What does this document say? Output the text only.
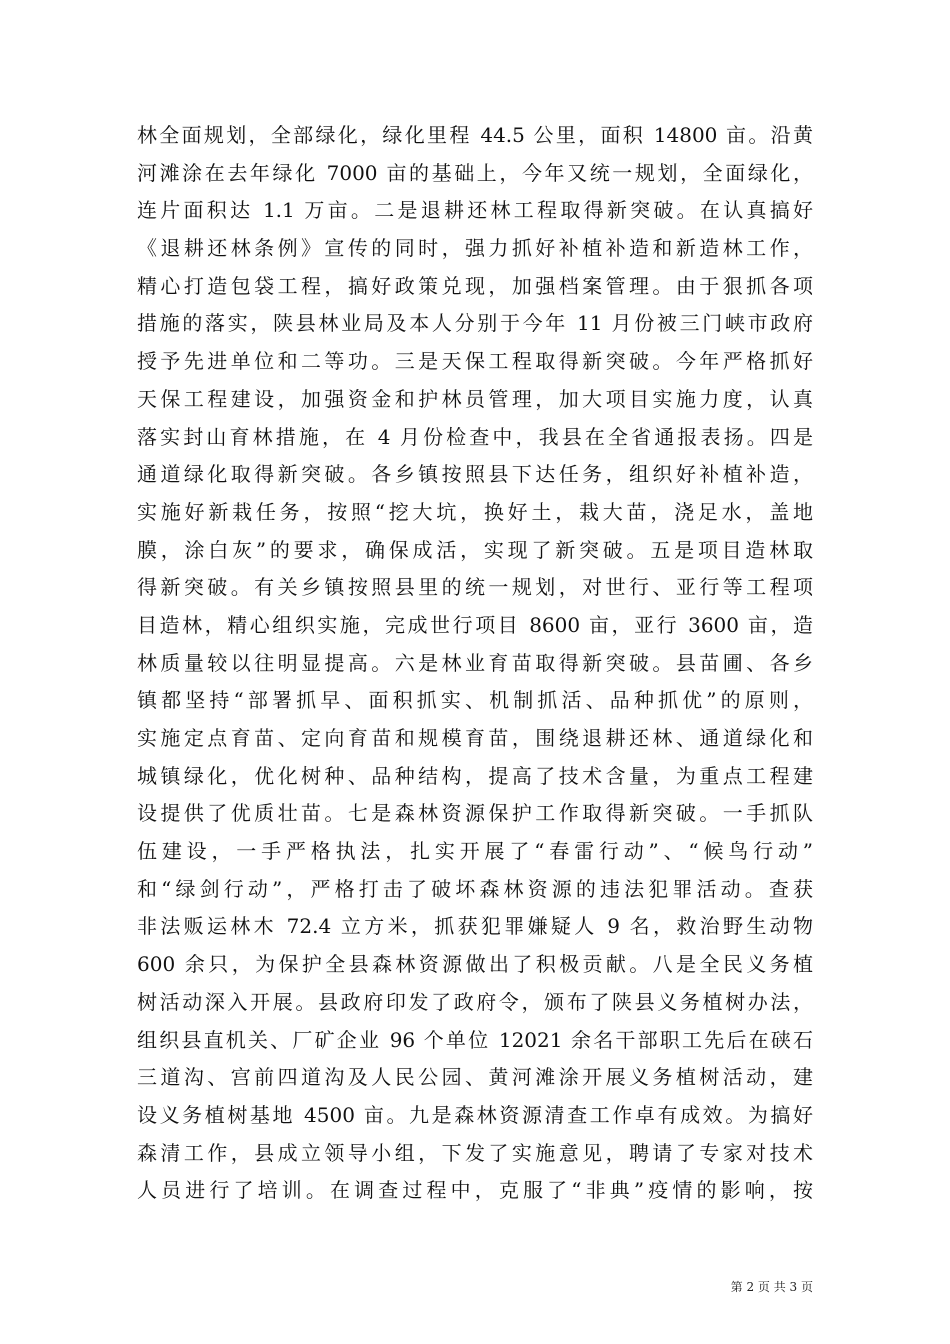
林全面规划，全部绿化，绿化里程 44.5 公里，面积 14800 亩。沿黄
河滩涂在去年绿化 7000 亩的基础上，今年又统一规划，全面绿化，
连片面积达 1.1 万亩。二是退耕还林工程取得新突破。在认真搞好
《退耕还林条例》宣传的同时，强力抓好补植补造和新造林工作，
精心打造包袋工程，搞好政策兑现，加强档案管理。由于狠抓各项
措施的落实，陕县林业局及本人分别于今年 11 月份被三门峡市政府
授予先进单位和二等功。三是天保工程取得新突破。今年严格抓好
天保工程建设，加强资金和护林员管理，加大项目实施力度，认真
落实封山育林措施，在 4 月份检查中，我县在全省通报表扬。四是
通道绿化取得新突破。各乡镇按照县下达任务，组织好补植补造，
实施好新栽任务，按照“挖大坑，换好土，栽大苗，浇足水，盖地
膜，涂白灰”的要求，确保成活，实现了新突破。五是项目造林取
得新突破。有关乡镇按照县里的统一规划，对世行、亚行等工程项
目造林，精心组织实施，完成世行项目 8600 亩，亚行 3600 亩，造
林质量较以往明显提高。六是林业育苗取得新突破。县苗圃、各乡
镇都坚持“部署抓早、面积抓实、机制抓活、品种抓优”的原则，
实施定点育苗、定向育苗和规模育苗，围绕退耕还林、通道绿化和
城镇绿化，优化树种、品种结构，提高了技术含量，为重点工程建
设提供了优质壮苗。七是森林资源保护工作取得新突破。一手抓队
伍建设，一手严格执法，扎实开展了“春雷行动”、“候鸟行动”
和“绿剑行动”，严格打击了破坏森林资源的违法犯罪活动。查获
非法贩运林木 72.4 立方米，抓获犯罪嫌疑人 9 名，救治野生动物
600 余只，为保护全县森林资源做出了积极贡献。八是全民义务植
树活动深入开展。县政府印发了政府令，颁布了陕县义务植树办法，
组织县直机关、厂矿企业 96 个单位 12021 余名干部职工先后在硖石
三道沟、宫前四道沟及人民公园、黄河滩涂开展义务植树活动，建
设义务植树基地 4500 亩。九是森林资源清查工作卓有成效。为搞好
森清工作，县成立领导小组，下发了实施意见，聘请了专家对技术
人员进行了培训。在调查过程中，克服了“非典”疫情的影响，按
第 2 页 共 3 页
